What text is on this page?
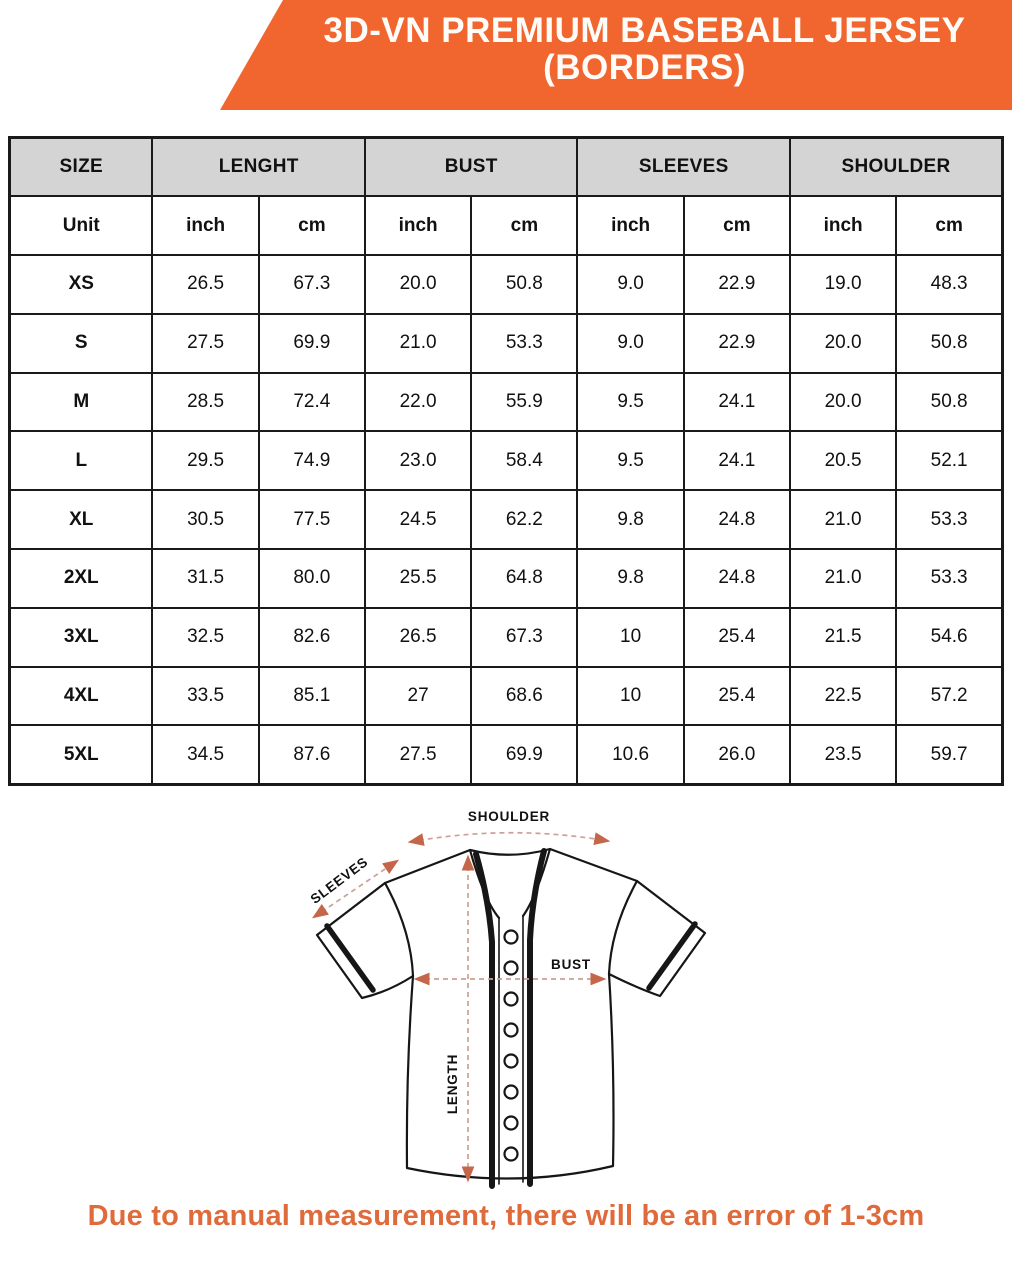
3D-VN PREMIUM BASEBALL JERSEY
(BORDERS)
SIZE	LENGHT		BUST		SLEEVES		SHOULDER	
Unit	inch	cm	inch	cm	inch	cm	inch	cm
XS	26.5	67.3	20.0	50.8	9.0	22.9	19.0	48.3
S	27.5	69.9	21.0	53.3	9.0	22.9	20.0	50.8
M	28.5	72.4	22.0	55.9	9.5	24.1	20.0	50.8
L	29.5	74.9	23.0	58.4	9.5	24.1	20.5	52.1
XL	30.5	77.5	24.5	62.2	9.8	24.8	21.0	53.3
2XL	31.5	80.0	25.5	64.8	9.8	24.8	21.0	53.3
3XL	32.5	82.6	26.5	67.3	10	25.4	21.5	54.6
4XL	33.5	85.1	27	68.6	10	25.4	22.5	57.2
5XL	34.5	87.6	27.5	69.9	10.6	26.0	23.5	59.7
SHOULDER
SLEEVES
BUST
LENGTH
Due to manual measurement, there will be an error of 1-3cm
